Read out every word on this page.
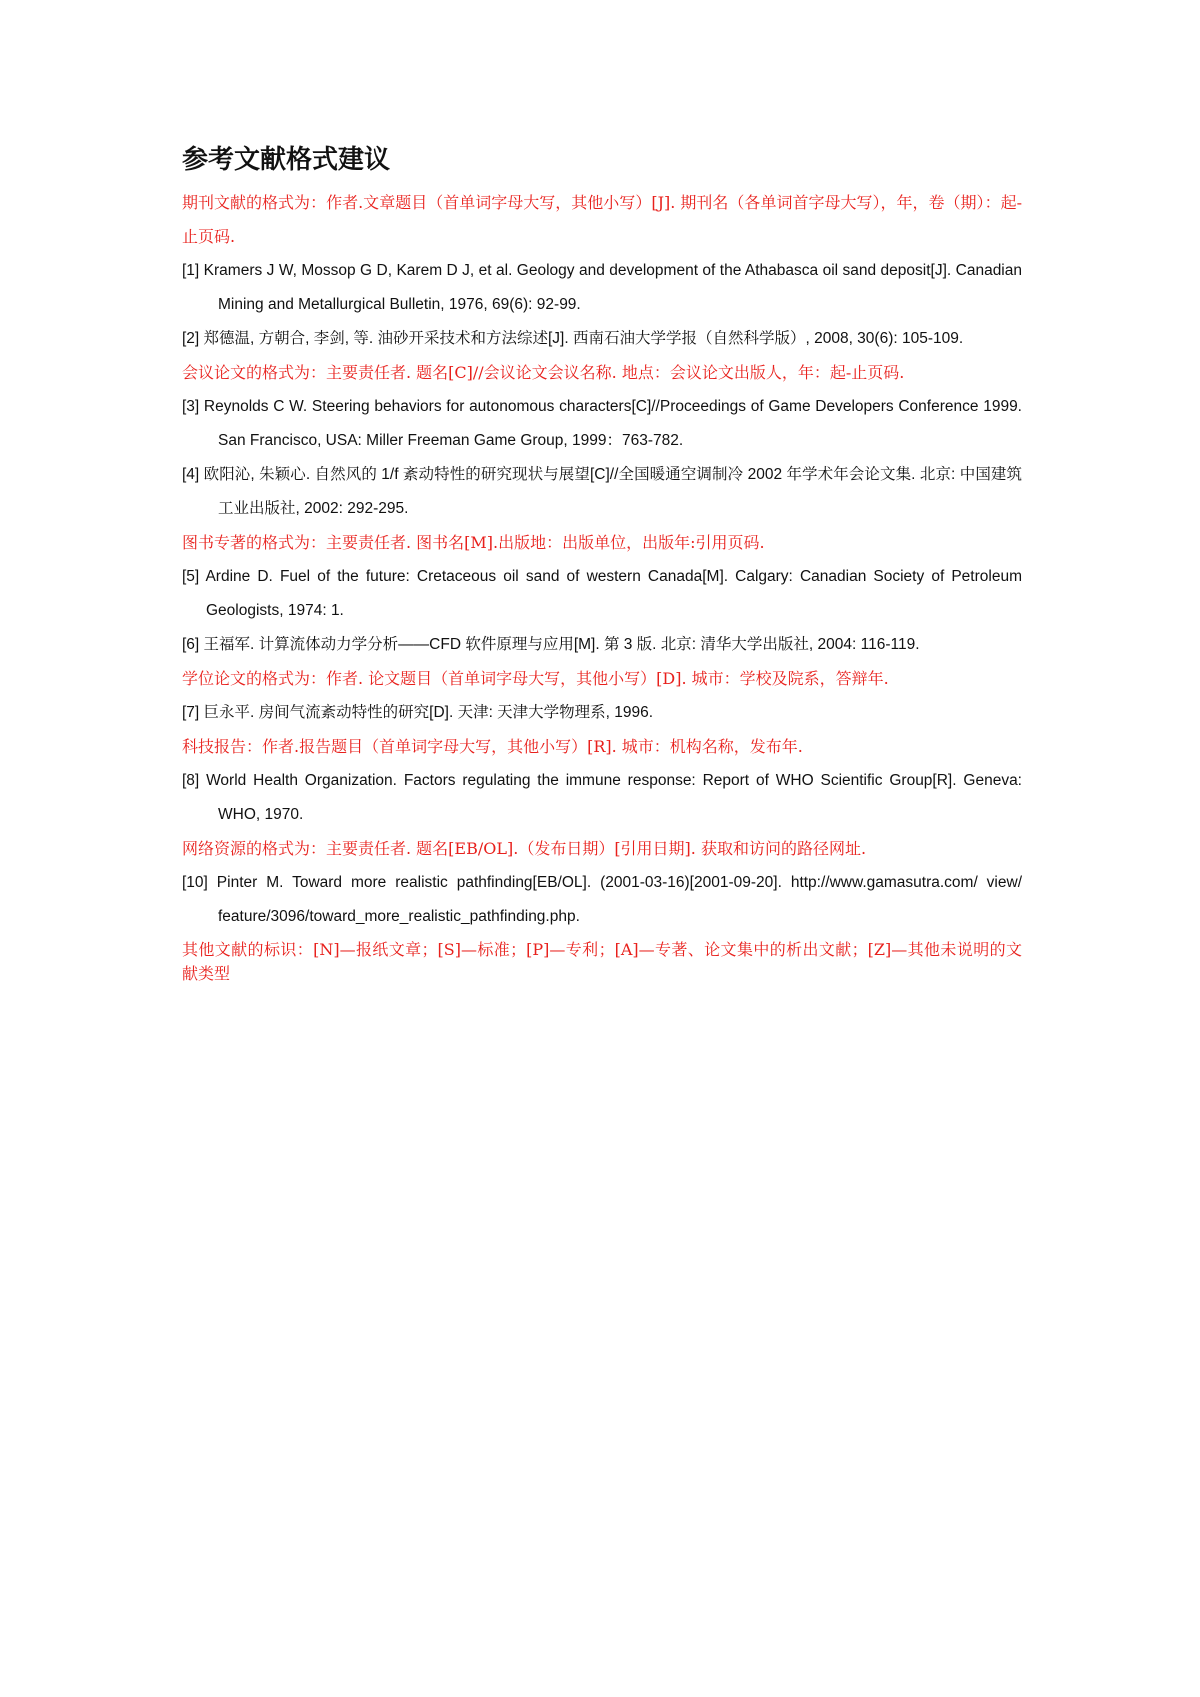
参考文献格式建议

期刊文献的格式为：作者.文章题目（首单词字母大写，其他小写）[J]. 期刊名（各单词首字母大写），年，卷（期）：起-止页码.

[1] Kramers J W, Mossop G D, Karem D J, et al. Geology and development of the Athabasca oil sand deposit[J]. Canadian Mining and Metallurgical Bulletin, 1976, 69(6): 92-99.

[2] 郑德温, 方朝合, 李剑, 等. 油砂开采技术和方法综述[J]. 西南石油大学学报（自然科学版）, 2008, 30(6): 105-109.

会议论文的格式为：主要责任者. 题名[C]//会议论文会议名称. 地点：会议论文出版人，年：起-止页码.

[3] Reynolds C W. Steering behaviors for autonomous characters[C]//Proceedings of Game Developers Conference 1999. San Francisco, USA: Miller Freeman Game Group, 1999：763-782.

[4] 欧阳沁, 朱颖心. 自然风的 1/f 紊动特性的研究现状与展望[C]//全国暖通空调制冷 2002 年学术年会论文集. 北京: 中国建筑工业出版社, 2002: 292-295.

图书专著的格式为：主要责任者. 图书名[M].出版地：出版单位，出版年:引用页码.

[5] Ardine D. Fuel of the future: Cretaceous oil sand of western Canada[M]. Calgary: Canadian Society of Petroleum Geologists, 1974: 1.

[6] 王福军. 计算流体动力学分析——CFD 软件原理与应用[M]. 第 3 版. 北京: 清华大学出版社, 2004: 116-119.

学位论文的格式为：作者. 论文题目（首单词字母大写，其他小写）[D]. 城市：学校及院系，答辩年.

[7] 巨永平. 房间气流紊动特性的研究[D]. 天津: 天津大学物理系, 1996.

科技报告：作者.报告题目（首单词字母大写，其他小写）[R]. 城市：机构名称，发布年.

[8] World Health Organization. Factors regulating the immune response: Report of WHO Scientific Group[R]. Geneva: WHO, 1970.

网络资源的格式为：主要责任者. 题名[EB/OL].（发布日期）[引用日期]. 获取和访问的路径网址.

[10] Pinter M. Toward more realistic pathfinding[EB/OL]. (2001-03-16)[2001-09-20]. http://www.gamasutra.com/ view/ feature/3096/toward_more_realistic_pathfinding.php.

其他文献的标识：[N]—报纸文章；[S]—标准；[P]—专利；[A]—专著、论文集中的析出文献；[Z]—其他未说明的文献类型
